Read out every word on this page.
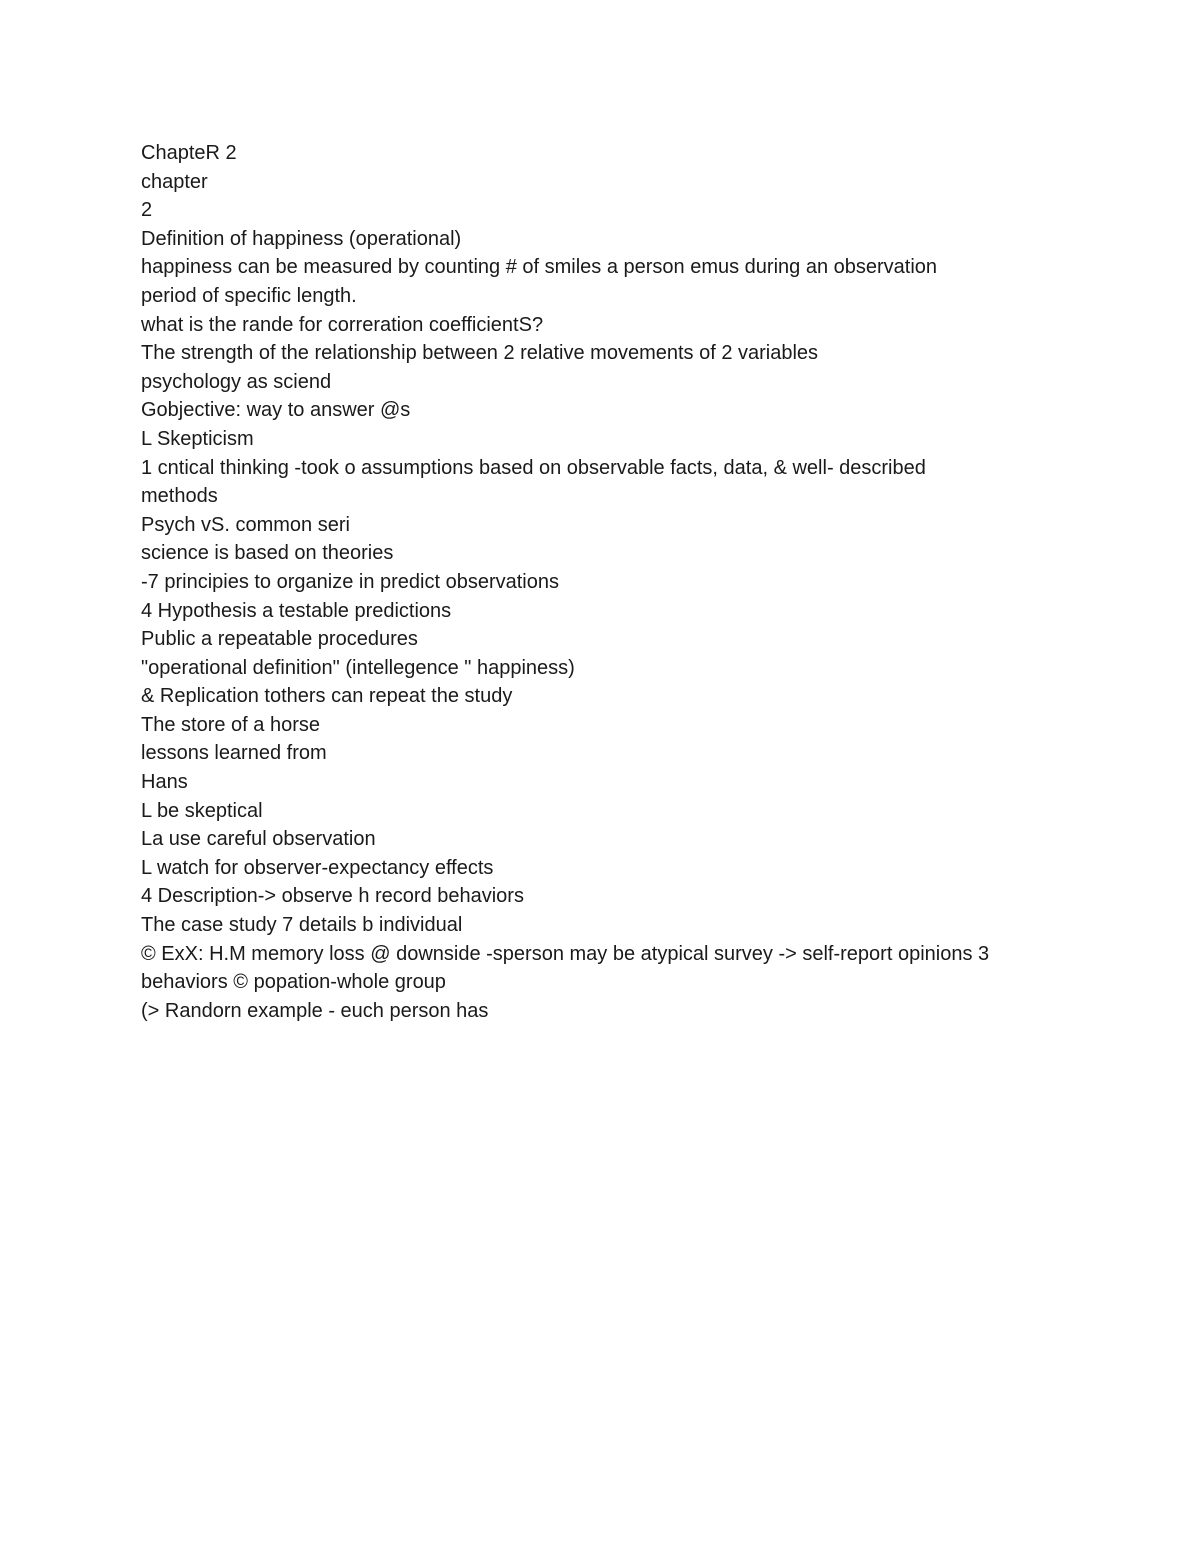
ChapteR 2

chapter

2

Definition of happiness (operational)

happiness can be measured by counting # of smiles a person emus during an observation

period of specific length.

what is the rande for correration coefficientS?

The strength of the relationship between 2 relative movements of 2 variables

psychology as sciend

Gobjective: way to answer @s

L Skepticism

1 cntical thinking -took o assumptions based on observable facts, data, & well- described

methods

Psych vS. common seri

science is based on theories

-7 principies to organize in predict observations

4 Hypothesis a testable predictions

Public a repeatable procedures

"operational definition" (intellegence " happiness)

& Replication tothers can repeat the study

The store of a horse

lessons learned from

Hans

L be skeptical

La use careful observation

L watch for observer-expectancy effects

4 Description-> observe h record behaviors

The case study 7 details b individual

© ExX: H.M memory loss @ downside -sperson may be atypical survey -> self-report opinions 3

behaviors © popation-whole group

(> Randorn example - euch person has
